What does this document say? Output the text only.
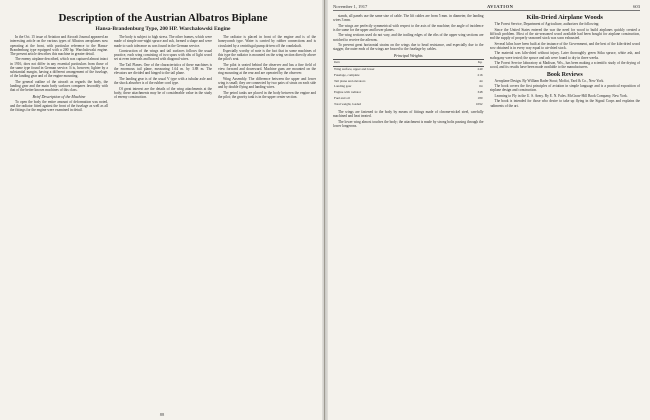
Description of the Austrian Albatros Biplane
Hansa-Brandenburg Type, 200 HP. Warchalowski Engine

In the Oct. 15 issue of Aviation and Aircraft Journal appeared an interesting article on the various types of Albatros aeroplanes now operating at the front, with particular reference to the Hansa-Brandenburg type equipped with a 200 hp. Warchalowski engine. The present article describes this machine in greater detail.

The enemy airplane described, which was captured almost intact in 1916, does not differ in any essential particulars from those of the same type found in German service. It is, however, lighter by a substantial margin, having a different arrangement of the fuselage, of the landing gear and of the engine mounting.

The general outline of the aircraft as regards the body, the landing gear and the main body surfaces compares favorably with that of the better known machines of this class.

Brief Description of the Machine

To open the body the entire amount of deformation was noted, and the radiator fitted against the front of the fuselage as well as all the fittings for the engine were examined in detail.

The body is subject to high stress. The other frames, which were made of simple one-night spruce and ash, formed a shape and were made to such tolerance as was found in the German service.

Construction of the wings and tail surfaces follows the usual practice, each wing consisting of two spars with ribs of light wood set at even intervals and braced with diagonal wires.

The Tail Planes. One of the characteristics of these machines is the enormous tail plane, measuring 1.64 m. by 3.88 m. The elevators are divided and hinged to the tail plane.

The landing gear is of the usual V type with a tubular axle and the shock absorber is of the rubber cord type.

Of great interest are the details of the wing attachments at the body; these attachments may be of considerable value in the study of enemy construction.

The radiator is placed in front of the engine and is of the honeycomb type. Water is carried by rubber connections and is circulated by a centrifugal pump driven off the crankshaft.

Especially worthy of note is the fact that in some machines of this type the radiator is mounted on the wing section directly above the pilot's seat.

The pilot is seated behind the observer and has a fine field of view forward and downward. Machine guns are mounted on the ring mounting at the rear and are operated by the observer.

Wing Assembly. The difference between the upper and lower wing is small; they are connected by two pairs of struts on each side and by double flying and landing wires.

The petrol tanks are placed in the body between the engine and the pilot; the gravity tank is in the upper center section.

88
November 1, 1917	AVIATION	603

stands, all panels use the same size of cable. The lift cables are from 5 mm. in diameter, the landing wires 3 mm.

The wings are perfectly symmetrical with respect to the axis of the machine; the angle of incidence is the same for the upper and lower planes.

The wing sections used do not vary, and the trailing edges of the ribs of the upper wing sections are notched to receive the ailerons.

To prevent great horizontal strains on the wings due to head resistance, and especially due to the stagger, the outer ends of the wings are braced to the fuselage by cables.

Principal Weights
Item	Kg.
Wing surface, upper and lower	240
Fuselage, complete	216
Tail plane and elevators	44
Landing gear	64
Engine with radiator	348
Fuel and oil	180
Total weight, loaded	1092

The wings are fastened to the body by means of fittings made of chrome-nickel steel, carefully machined and heat treated.

The lower wing almost touches the body; the attachment is made by strong bolts passing through the lower longerons.

Kiln-Dried Airplane Woods

The Forest Service, Department of Agriculture, authorizes the following:

Since the United States entered the war the need for wood to build airplanes quickly created a difficult problem. Most of the air-seasoned wood available had been bought for airplane construction, and the supply of properly seasoned stock was soon exhausted.

Several kilns have been built at the instance of the Government, and the best of the kiln-dried wood now obtained is in every way equal to air-dried stock.

The material was kiln-dried without injury. Later thoroughly green Sitka spruce, white ash, and mahogany were tested; the spruce and ash were found to dry in three weeks.

The Forest Service laboratory at Madison, Wis., has been making a scientific study of the drying of wood, and its results have been made available to the manufacturers.

Book Reviews

Aeroplane Design. By William Bader Stout; Moffat, Yard & Co., New York.

The book covers the first principles of aviation in simple language and is a practical exposition of airplane design and construction.

Learning to Fly in the U. S. Army. By E. N. Fales. McGraw-Hill Book Company, New York.

The book is intended for those who desire to take up flying in the Signal Corps and explains the rudiments of the art.
